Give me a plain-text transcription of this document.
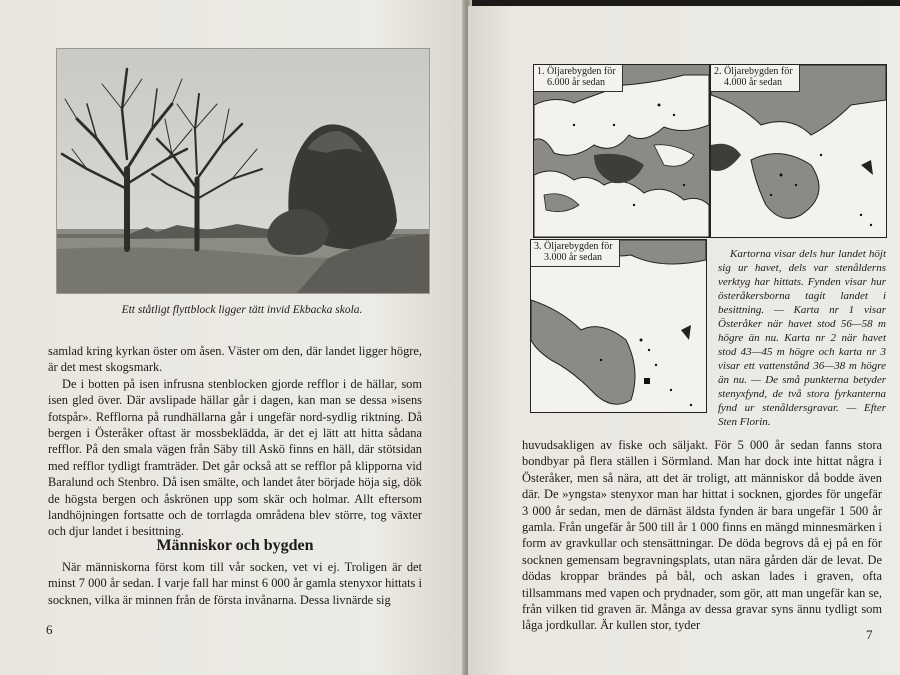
Ett ståtligt flyttblock ligger tätt invid Ekbacka skola.

samlad kring kyrkan öster om åsen. Väster om den, där landet ligger högre, är det mest skogsmark.

De i botten på isen infrusna stenblocken gjorde refflor i de hällar, som isen gled över. Där avslipade hällar går i dagen, kan man se dessa »isens fotspår». Refflorna på rundhällarna går i ungefär nord-sydlig riktning. Då bergen i Österåker oftast är mossbeklädda, är det ej lätt att hitta sådana refflor. På den smala vägen från Säby till Askö finns en häll, där stötsidan med refflor tydligt framträder. Det går också att se refflor på klipporna vid Baralund och Stenbro. Då isen smälte, och landet åter började höja sig, dök de högsta bergen och åskrönen upp som skär och holmar. Allt eftersom landhöjningen fortsatte och de torrlagda områdena blev större, tog växter och djur landet i besittning.

Människor och bygden

När människorna först kom till vår socken, vet vi ej. Troligen är det minst 7 000 år sedan. I varje fall har minst 6 000 år gamla stenyxor hittats i socknen, vilka är minnen från de första invånarna. Dessa livnärde sig

6
1. Öljarebygden för
6.000 år sedan
2. Öljarebygden för
4.000 år sedan
3. Öljarebygden för
3.000 år sedan	Kartorna visar dels hur landet höjt sig ur havet, dels var stenålderns verktyg har hittats. Fynden visar hur österåkersborna tagit landet i besittning. — Karta nr 1 visar Österåker när havet stod 56—58 m högre än nu. Karta nr 2 när havet stod 43—45 m högre och karta nr 3 visar ett vattenstånd 36—38 m högre än nu. — De små punkterna betyder stenyxfynd, de två stora fyrkanterna fynd ur stenåldersgravar. — Efter Sten Florin.

huvudsakligen av fiske och säljakt. För 5 000 år sedan fanns stora bondbyar på flera ställen i Sörmland. Man har dock inte hittat några i Österåker, men så nära, att det är troligt, att människor då bodde även där. De »yngsta» stenyxor man har hittat i socknen, gjordes för ungefär 3 000 år sedan, men de därnäst äldsta fynden är bara ungefär 1 500 år gamla. Från ungefär år 500 till år 1 000 finns en mängd minnesmärken i form av gravkullar och stensättningar. De döda begrovs då ej på en för socknen gemensam begravningsplats, utan nära gården där de levat. De dödas kroppar brändes på bål, och askan lades i graven, ofta tillsammans med vapen och prydnader, som gör, att man ungefär kan se, från vilken tid graven är. Många av dessa gravar syns ännu tydligt som låga jordkullar. Är kullen stor, tyder

7
